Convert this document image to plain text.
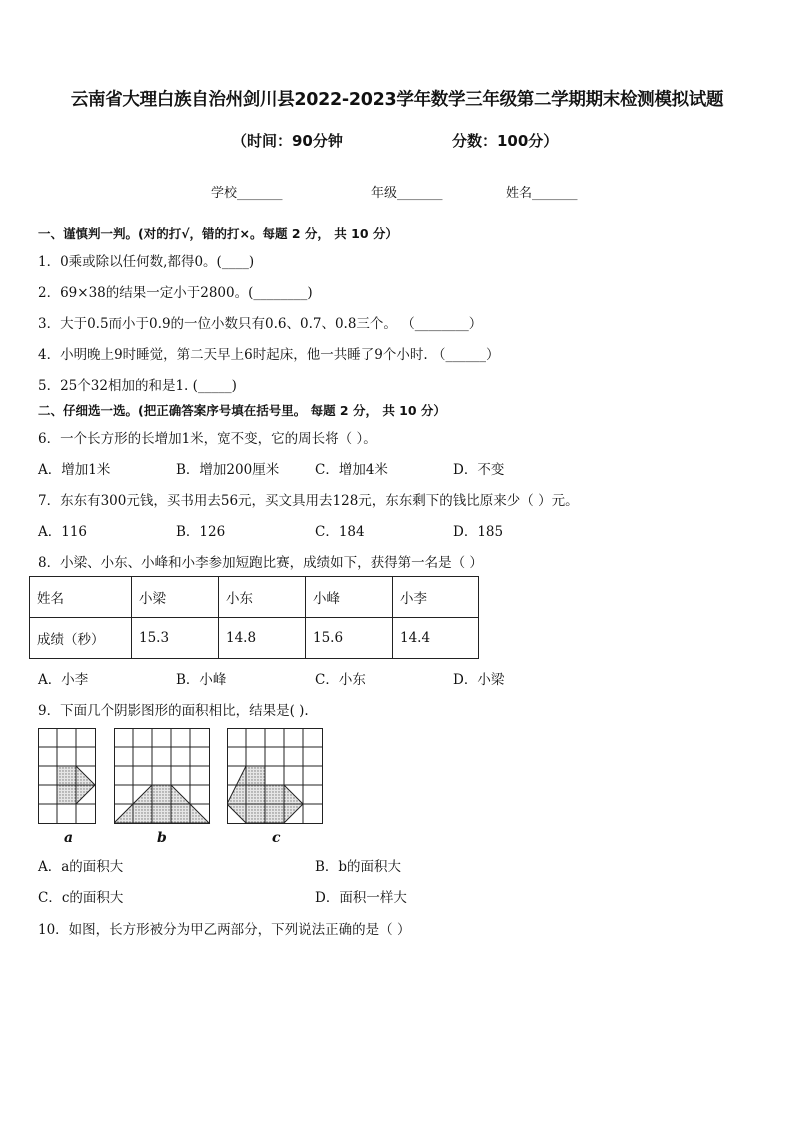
云南省大理白族自治州剑川县2022-2023学年数学三年级第二学期期末检测模拟试题
（时间：90分钟	分数：100分）
学校_______	年级_______	姓名_______
一、谨慎判一判。(对的打√，错的打×。每题 2 分， 共 10 分）
1．0乘或除以任何数,都得0。(____)
2．69×38的结果一定小于2800。(________)
3．大于0.5而小于0.9的一位小数只有0.6、0.7、0.8三个。 （________）
4．小明晚上9时睡觉，第二天早上6时起床，他一共睡了9个小时. （______）
5．25个32相加的和是1. (_____)
二、仔细选一选。(把正确答案序号填在括号里。 每题 2 分， 共 10 分）
6．一个长方形的长增加1米，宽不变，它的周长将（ ）。
A．增加1米	B．增加200厘米	C．增加4米	D．不变
7．东东有300元钱，买书用去56元，买文具用去128元，东东剩下的钱比原来少（ ）元。
A．116	B．126	C．184	D．185
8．小梁、小东、小峰和小李参加短跑比赛，成绩如下，获得第一名是（ ）
姓名	小梁	小东	小峰	小李
成绩（秒）	15.3	14.8	15.6	14.4
A．小李	B．小峰	C．小东	D．小梁
9．下面几个阴影图形的面积相比，结果是( ).
a	b	c
A．a的面积大	B．b的面积大
C．c的面积大	D．面积一样大
10．如图，长方形被分为甲乙两部分，下列说法正确的是（ ）
